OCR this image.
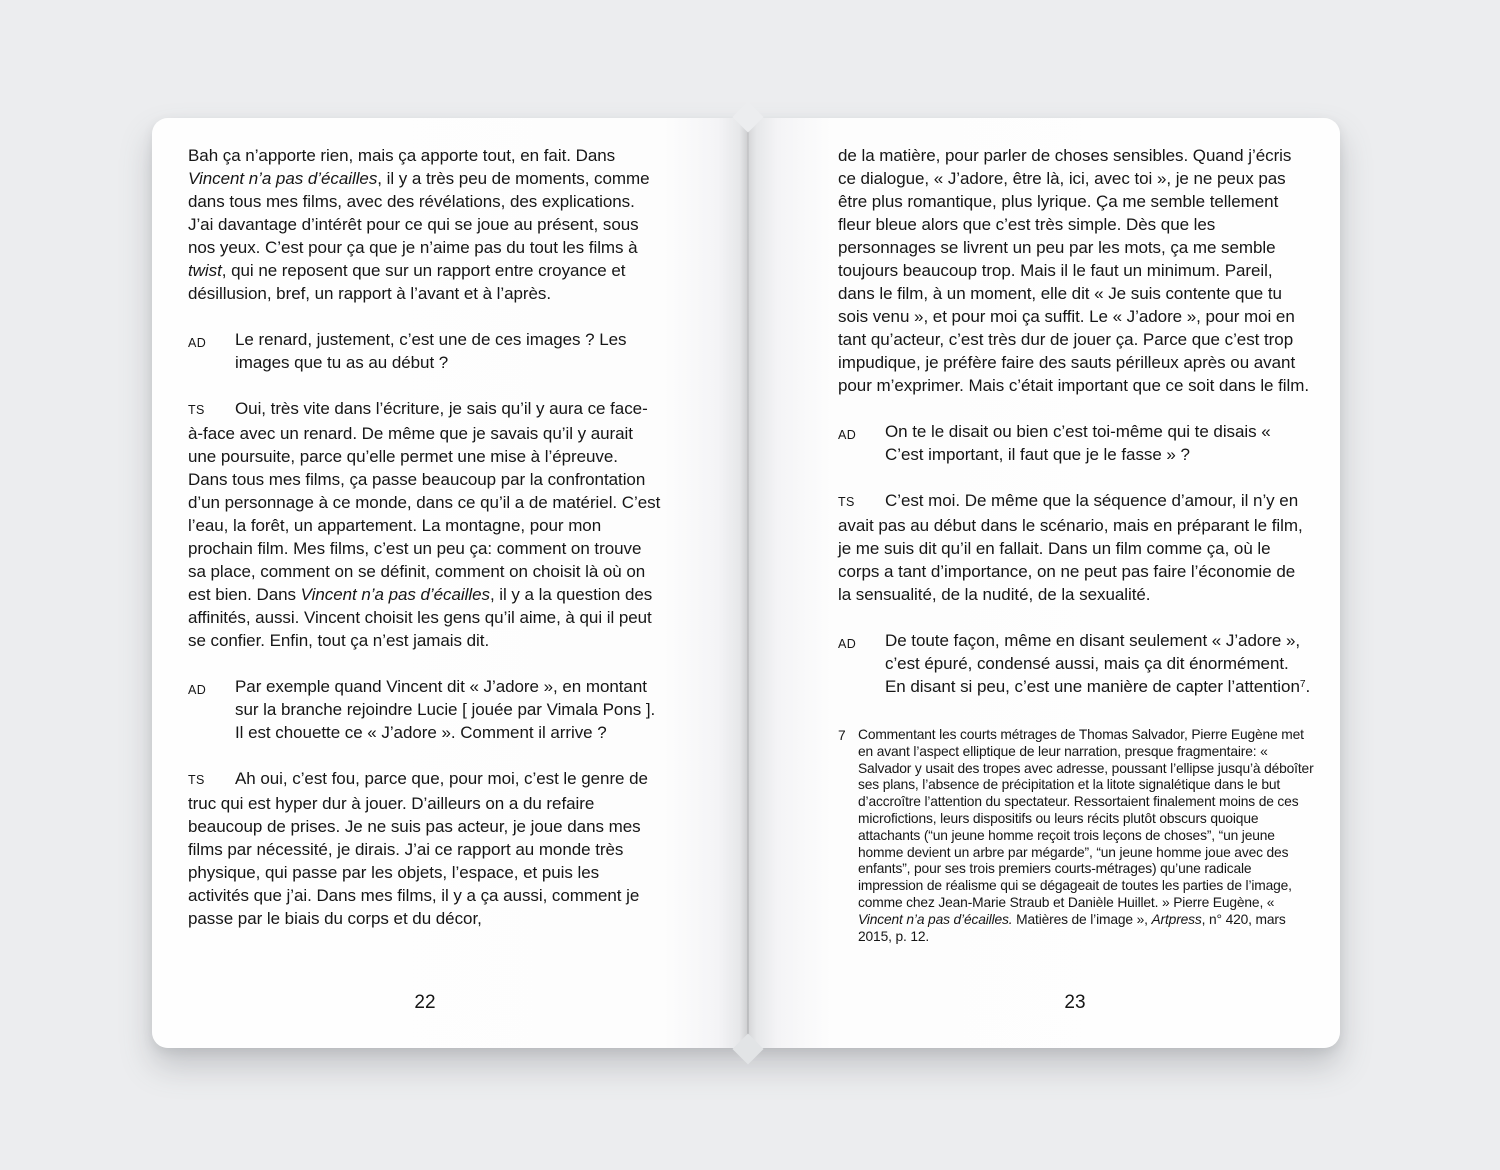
Bah ça n’apporte rien, mais ça apporte tout, en fait. Dans Vincent n’a pas d’écailles, il y a très peu de moments, comme dans tous mes films, avec des révélations, des explications. J’ai davantage d’intérêt pour ce qui se joue au présent, sous nos yeux. C’est pour ça que je n’aime pas du tout les films à twist, qui ne reposent que sur un rapport entre croyance et désillusion, bref, un rapport à l’avant et à l’après.
AD Le renard, justement, c’est une de ces images ? Les images que tu as au début ?
TS Oui, très vite dans l’écriture, je sais qu’il y aura ce face-à-face avec un renard. De même que je savais qu’il y aurait une poursuite, parce qu’elle permet une mise à l’épreuve. Dans tous mes films, ça passe beaucoup par la confrontation d’un personnage à ce monde, dans ce qu’il a de matériel. C’est l’eau, la forêt, un appartement. La montagne, pour mon prochain film. Mes films, c’est un peu ça: comment on trouve sa place, comment on se définit, comment on choisit là où on est bien. Dans Vincent n’a pas d’écailles, il y a la question des affinités, aussi. Vincent choisit les gens qu’il aime, à qui il peut se confier. Enfin, tout ça n’est jamais dit.
AD Par exemple quand Vincent dit « J’adore », en montant sur la branche rejoindre Lucie [ jouée par Vimala Pons ]. Il est chouette ce « J’adore ». Comment il arrive ?
TS Ah oui, c’est fou, parce que, pour moi, c’est le genre de truc qui est hyper dur à jouer. D’ailleurs on a du refaire beaucoup de prises. Je ne suis pas acteur, je joue dans mes films par nécessité, je dirais. J’ai ce rapport au monde très physique, qui passe par les objets, l’espace, et puis les activités que j’ai. Dans mes films, il y a ça aussi, comment je passe par le biais du corps et du décor,
22
de la matière, pour parler de choses sensibles. Quand j’écris ce dialogue, « J’adore, être là, ici, avec toi », je ne peux pas être plus romantique, plus lyrique. Ça me semble tellement fleur bleue alors que c’est très simple. Dès que les personnages se livrent un peu par les mots, ça me semble toujours beaucoup trop. Mais il le faut un minimum. Pareil, dans le film, à un moment, elle dit « Je suis contente que tu sois venu », et pour moi ça suffit. Le « J’adore », pour moi en tant qu’acteur, c’est très dur de jouer ça. Parce que c’est trop impudique, je préfère faire des sauts périlleux après ou avant pour m’exprimer. Mais c’était important que ce soit dans le film.
AD On te le disait ou bien c’est toi-même qui te disais « C’est important, il faut que je le fasse » ?
TS C’est moi. De même que la séquence d’amour, il n’y en avait pas au début dans le scénario, mais en préparant le film, je me suis dit qu’il en fallait. Dans un film comme ça, où le corps a tant d’importance, on ne peut pas faire l’économie de la sensualité, de la nudité, de la sexualité.
AD De toute façon, même en disant seulement « J’adore », c’est épuré, condensé aussi, mais ça dit énormément. En disant si peu, c’est une manière de capter l’attention$^7$.
7 Commentant les courts métrages de Thomas Salvador, Pierre Eugène met en avant l’aspect elliptique de leur narration, presque fragmentaire: « Salvador y usait des tropes avec adresse, poussant l’ellipse jusqu’à déboîter ses plans, l’absence de précipitation et la litote signalétique dans le but d’accroître l’attention du spectateur. Ressortaient finalement moins de ces microfictions, leurs dispositifs ou leurs récits plutôt obscurs quoique attachants (“un jeune homme reçoit trois leçons de choses”, “un jeune homme devient un arbre par mégarde”, “un jeune homme joue avec des enfants”, pour ses trois premiers courts-métrages) qu’une radicale impression de réalisme qui se dégageait de toutes les parties de l’image, comme chez Jean-Marie Straub et Danièle Huillet. » Pierre Eugène, « Vincent n’a pas d’écailles. Matières de l’image », Artpress, n° 420, mars 2015, p. 12.
23
